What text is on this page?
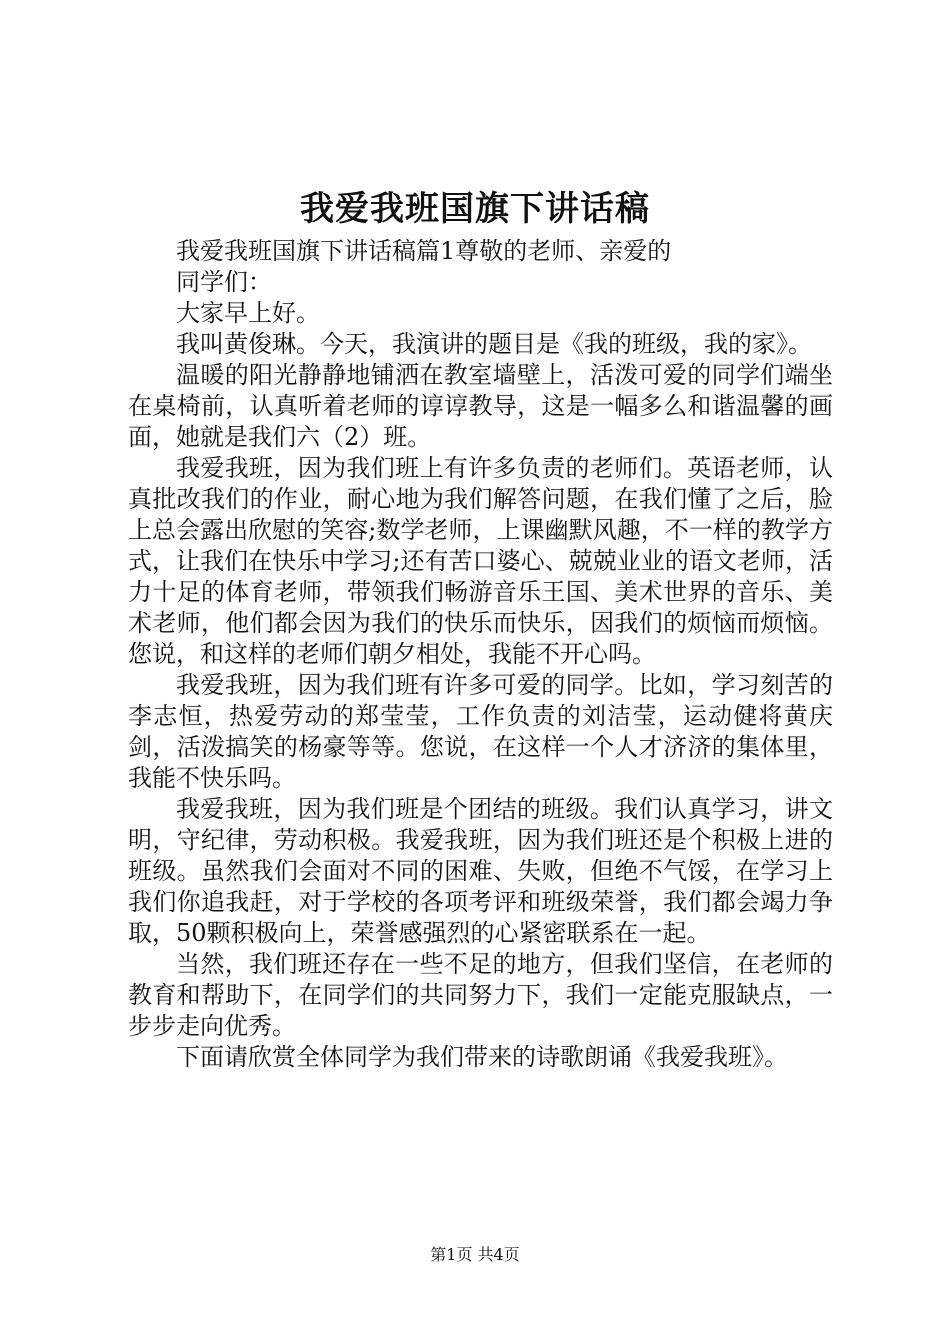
我爱我班国旗下讲话稿

我爱我班国旗下讲话稿篇1尊敬的老师、亲爱的

同学们：

大家早上好。

我叫黄俊琳。今天，我演讲的题目是《我的班级，我的家》。

温暖的阳光静静地铺洒在教室墙壁上，活泼可爱的同学们端坐在桌椅前，认真听着老师的谆谆教导，这是一幅多么和谐温馨的画面，她就是我们六（2）班。

我爱我班，因为我们班上有许多负责的老师们。英语老师，认真批改我们的作业，耐心地为我们解答问题，在我们懂了之后，脸上总会露出欣慰的笑容;数学老师，上课幽默风趣，不一样的教学方式，让我们在快乐中学习;还有苦口婆心、兢兢业业的语文老师，活力十足的体育老师，带领我们畅游音乐王国、美术世界的音乐、美术老师，他们都会因为我们的快乐而快乐，因我们的烦恼而烦恼。您说，和这样的老师们朝夕相处，我能不开心吗。

我爱我班，因为我们班有许多可爱的同学。比如，学习刻苦的李志恒，热爱劳动的郑莹莹，工作负责的刘洁莹，运动健将黄庆剑，活泼搞笑的杨豪等等。您说，在这样一个人才济济的集体里，我能不快乐吗。

我爱我班，因为我们班是个团结的班级。我们认真学习，讲文明，守纪律，劳动积极。我爱我班，因为我们班还是个积极上进的班级。虽然我们会面对不同的困难、失败，但绝不气馁，在学习上我们你追我赶，对于学校的各项考评和班级荣誉，我们都会竭力争取，50颗积极向上，荣誉感强烈的心紧密联系在一起。

当然，我们班还存在一些不足的地方，但我们坚信，在老师的教育和帮助下，在同学们的共同努力下，我们一定能克服缺点，一步步走向优秀。

下面请欣赏全体同学为我们带来的诗歌朗诵《我爱我班》。

第1页 共4页
